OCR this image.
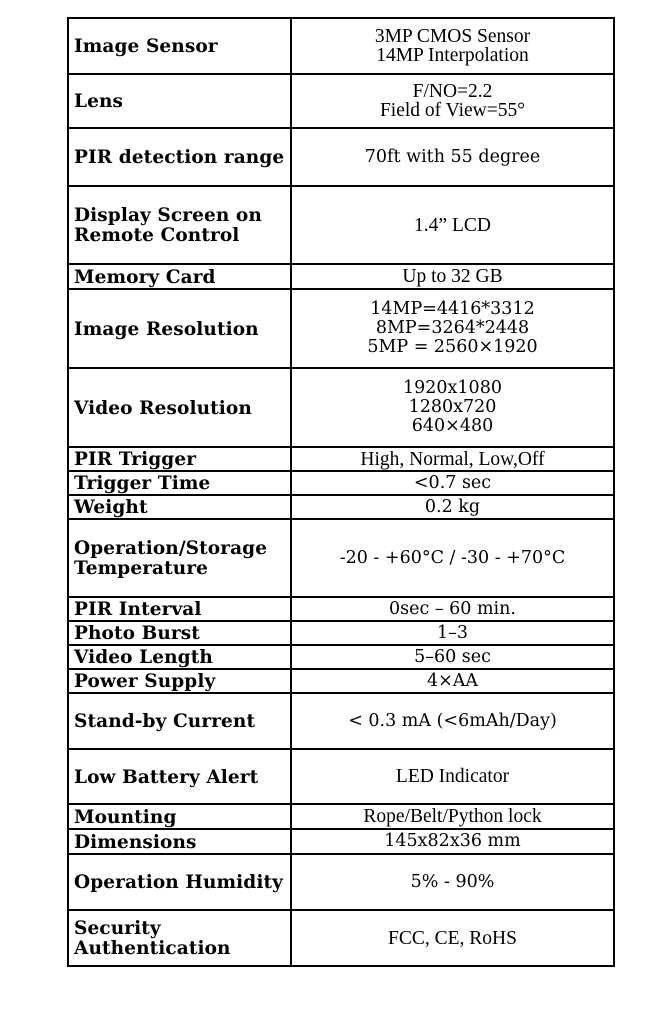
Image Sensor	3MP CMOS Sensor
14MP Interpolation

Lens	F/NO=2.2
Field of View=55°

PIR detection range	70ft with 55 degree

Display Screen on Remote Control	1.4” LCD

Memory Card	Up to 32 GB

Image Resolution	14MP=4416*3312
8MP=3264*2448
5MP = 2560×1920

Video Resolution	1920x1080
1280x720
640×480

PIR Trigger	High, Normal, Low,Off

Trigger Time	<0.7 sec

Weight	0.2 kg

Operation/Storage Temperature	-20 - +60°C / -30 - +70°C

PIR Interval	0sec – 60 min.

Photo Burst	1–3

Video Length	5–60 sec

Power Supply	4×AA

Stand-by Current	< 0.3 mA (<6mAh/Day)

Low Battery Alert	LED Indicator

Mounting	Rope/Belt/Python lock

Dimensions	145x82x36 mm

Operation Humidity	5% - 90%

Security Authentication	FCC, CE, RoHS
